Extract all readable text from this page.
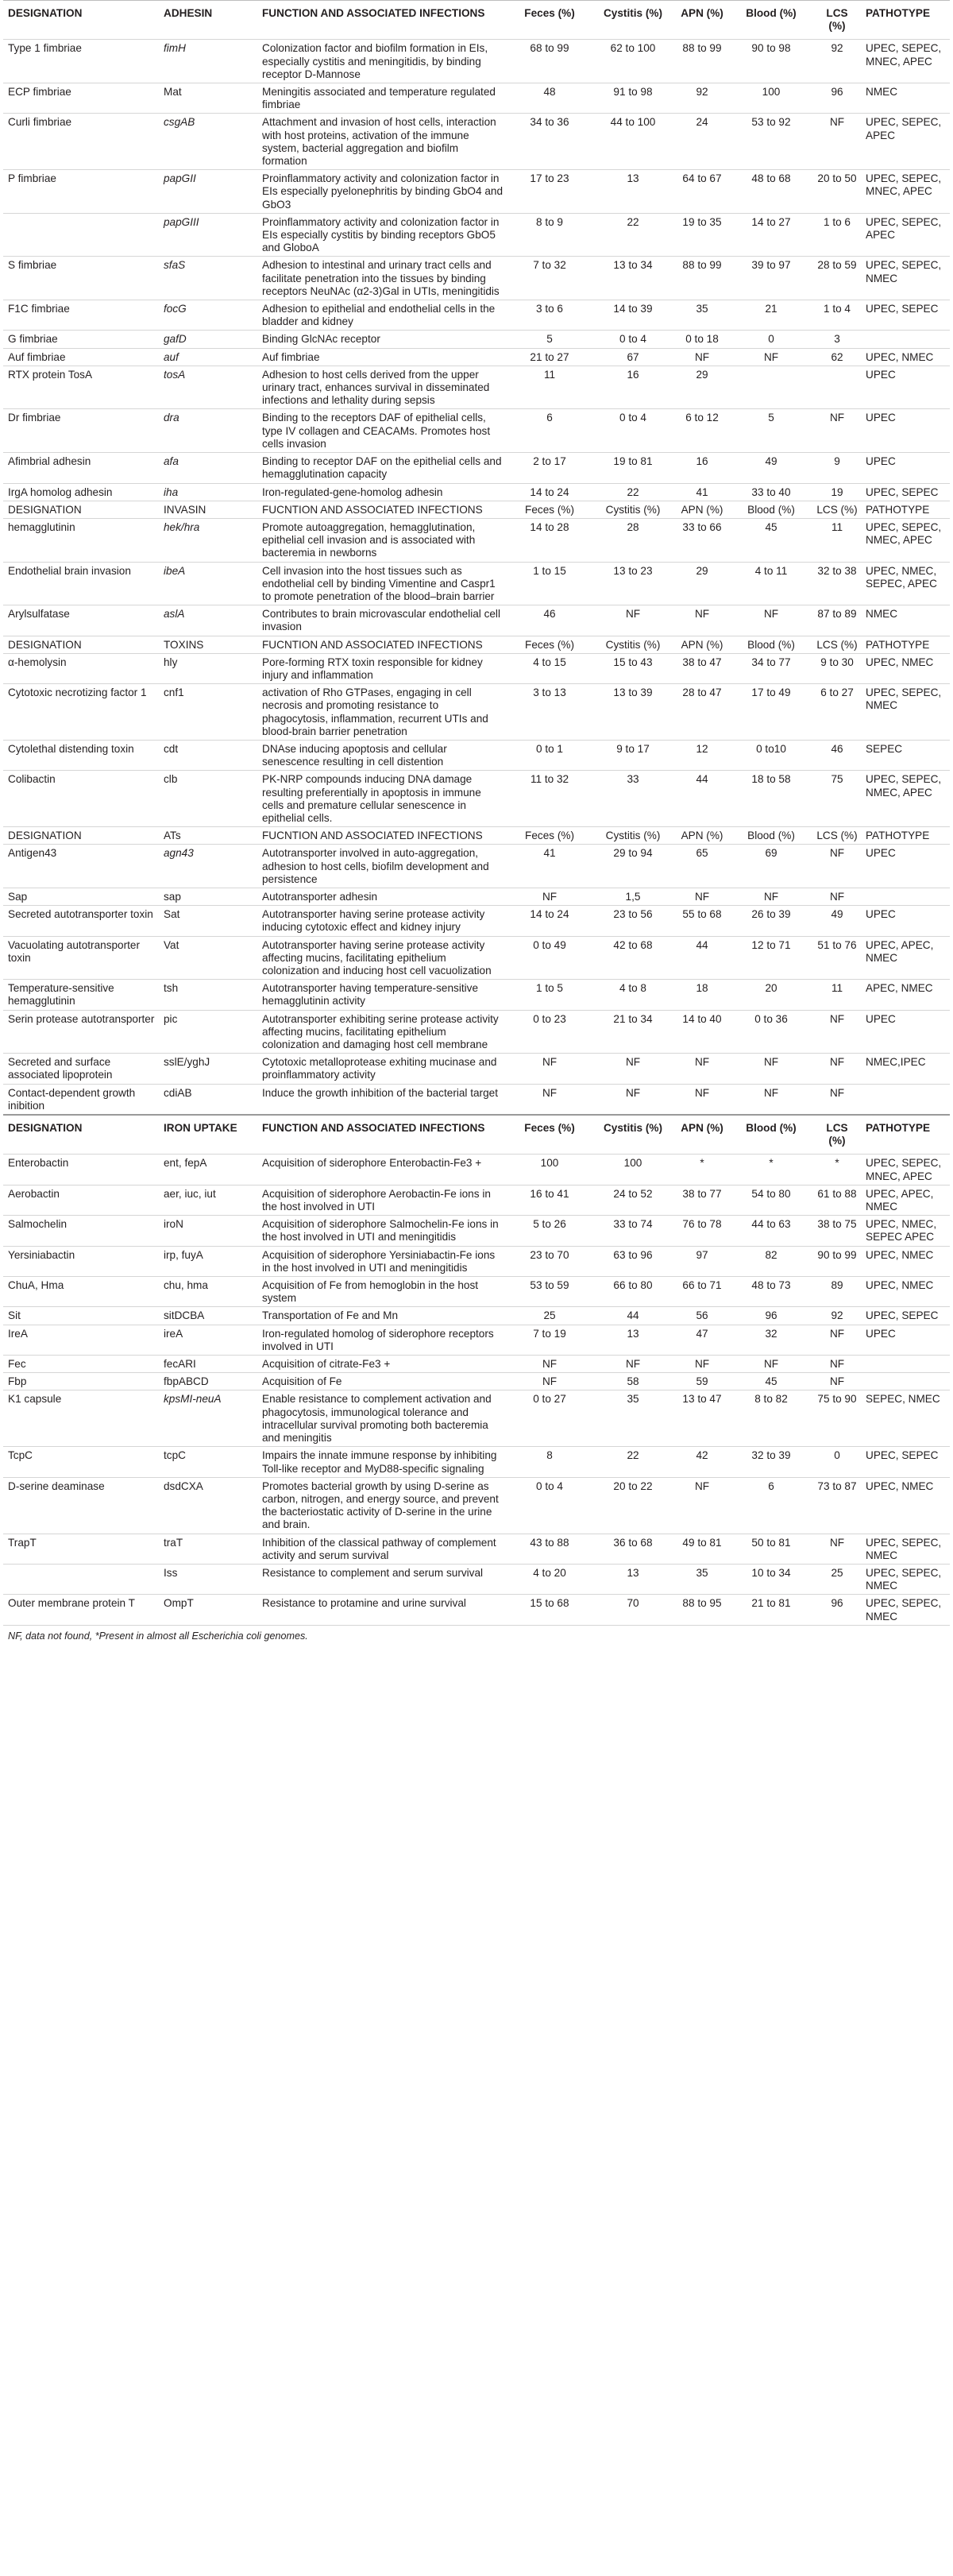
DESIGNATION	ADHESIN	FUNCTION AND ASSOCIATED INFECTIONS	Feces (%)	Cystitis (%)	APN (%)	Blood (%)	LCS (%)	PATHOTYPE
Type 1 fimbriae	fimH	Colonization factor and biofilm formation in EIs, especially cystitis and meningitidis, by binding receptor D-Mannose	68 to 99	62 to 100	88 to 99	90 to 98	92	UPEC, SEPEC, MNEC, APEC
ECP fimbriae	Mat	Meningitis associated and temperature regulated fimbriae	48	91 to 98	92	100	96	NMEC
Curli fimbriae	csgAB	Attachment and invasion of host cells, interaction with host proteins, activation of the immune system, bacterial aggregation and biofilm formation	34 to 36	44 to 100	24	53 to 92	NF	UPEC, SEPEC, APEC
P fimbriae	papGII	Proinflammatory activity and colonization factor in EIs especially pyelonephritis by binding GbO4 and GbO3	17 to 23	13	64 to 67	48 to 68	20 to 50	UPEC, SEPEC, MNEC, APEC
	papGIII	Proinflammatory activity and colonization factor in EIs especially cystitis by binding receptors GbO5 and GloboA	8 to 9	22	19 to 35	14 to 27	1 to 6	UPEC, SEPEC, APEC
S fimbriae	sfaS	Adhesion to intestinal and urinary tract cells and facilitate penetration into the tissues by binding receptors NeuNAc (α2-3)Gal in UTIs, meningitidis	7 to 32	13 to 34	88 to 99	39 to 97	28 to 59	UPEC, SEPEC, NMEC
F1C fimbriae	focG	Adhesion to epithelial and endothelial cells in the bladder and kidney	3 to 6	14 to 39	35	21	1 to 4	UPEC, SEPEC
G fimbriae	gafD	Binding GlcNAc receptor	5	0 to 4	0 to 18	0	3	
Auf fimbriae	auf	Auf fimbriae	21 to 27	67	NF	NF	62	UPEC, NMEC
RTX protein TosA	tosA	Adhesion to host cells derived from the upper urinary tract, enhances survival in disseminated infections and lethality during sepsis	11	16	29			UPEC
Dr fimbriae	dra	Binding to the receptors DAF of epithelial cells, type IV collagen and CEACAMs. Promotes host cells invasion	6	0 to 4	6 to 12	5	NF	UPEC
Afimbrial adhesin	afa	Binding to receptor DAF on the epithelial cells and hemagglutination capacity	2 to 17	19 to 81	16	49	9	UPEC
IrgA homolog adhesin	iha	Iron-regulated-gene-homolog adhesin	14 to 24	22	41	33 to 40	19	UPEC, SEPEC
DESIGNATION	INVASIN	FUCNTION AND ASSOCIATED INFECTIONS	Feces (%)	Cystitis (%)	APN (%)	Blood (%)	LCS (%)	PATHOTYPE
hemagglutinin	hek/hra	Promote autoaggregation, hemagglutination, epithelial cell invasion and is associated with bacteremia in newborns	14 to 28	28	33 to 66	45	11	UPEC, SEPEC, NMEC, APEC
Endothelial brain invasion	ibeA	Cell invasion into the host tissues such as endothelial cell by binding Vimentine and Caspr1 to promote penetration of the blood–brain barrier	1 to 15	13 to 23	29	4 to 11	32 to 38	UPEC, NMEC, SEPEC, APEC
Arylsulfatase	aslA	Contributes to brain microvascular endothelial cell invasion	46	NF	NF	NF	87 to 89	NMEC
DESIGNATION	TOXINS	FUCNTION AND ASSOCIATED INFECTIONS	Feces (%)	Cystitis (%)	APN (%)	Blood (%)	LCS (%)	PATHOTYPE
α-hemolysin	hly	Pore-forming RTX toxin responsible for kidney injury and inflammation	4 to 15	15 to 43	38 to 47	34 to 77	9 to 30	UPEC, NMEC
Cytotoxic necrotizing factor 1	cnf1	activation of Rho GTPases, engaging in cell necrosis and promoting resistance to phagocytosis, inflammation, recurrent UTIs and blood-brain barrier penetration	3 to 13	13 to 39	28 to 47	17 to 49	6 to 27	UPEC, SEPEC, NMEC
Cytolethal distending toxin	cdt	DNAse inducing apoptosis and cellular senescence resulting in cell distention	0 to 1	9 to 17	12	0 to10	46	SEPEC
Colibactin	clb	PK-NRP compounds inducing DNA damage resulting preferentially in apoptosis in immune cells and premature cellular senescence in epithelial cells.	11 to 32	33	44	18 to 58	75	UPEC, SEPEC, NMEC, APEC
DESIGNATION	ATs	FUCNTION AND ASSOCIATED INFECTIONS	Feces (%)	Cystitis (%)	APN (%)	Blood (%)	LCS (%)	PATHOTYPE
Antigen43	agn43	Autotransporter involved in auto-aggregation, adhesion to host cells, biofilm development and persistence	41	29 to 94	65	69	NF	UPEC
Sap	sap	Autotransporter adhesin	NF	1,5	NF	NF	NF	
Secreted autotransporter toxin	Sat	Autotransporter having serine protease activity inducing cytotoxic effect and kidney injury	14 to 24	23 to 56	55 to 68	26 to 39	49	UPEC
Vacuolating autotransporter toxin	Vat	Autotransporter having serine protease activity affecting mucins, facilitating epithelium colonization and inducing host cell vacuolization	0 to 49	42 to 68	44	12 to 71	51 to 76	UPEC, APEC, NMEC
Temperature-sensitive hemagglutinin	tsh	Autotransporter having temperature-sensitive hemagglutinin activity	1 to 5	4 to 8	18	20	11	APEC, NMEC
Serin protease autotransporter	pic	Autotransporter exhibiting serine protease activity affecting mucins, facilitating epithelium colonization and damaging host cell membrane	0 to 23	21 to 34	14 to 40	0 to 36	NF	UPEC
Secreted and surface associated lipoprotein	sslE/yghJ	Cytotoxic metalloprotease exhiting mucinase and proinflammatory activity	NF	NF	NF	NF	NF	NMEC,IPEC
Contact-dependent growth inibition	cdiAB	Induce the growth inhibition of the bacterial target	NF	NF	NF	NF	NF	
DESIGNATION	IRON UPTAKE	FUNCTION AND ASSOCIATED INFECTIONS	Feces (%)	Cystitis (%)	APN (%)	Blood (%)	LCS (%)	PATHOTYPE
Enterobactin	ent, fepA	Acquisition of siderophore Enterobactin-Fe3 +	100	100	*	*	*	UPEC, SEPEC, MNEC, APEC
Aerobactin	aer, iuc, iut	Acquisition of siderophore Aerobactin-Fe ions in the host involved in UTI	16 to 41	24 to 52	38 to 77	54 to 80	61 to 88	UPEC, APEC, NMEC
Salmochelin	iroN	Acquisition of siderophore Salmochelin-Fe ions in the host involved in UTI and meningitidis	5 to 26	33 to 74	76 to 78	44 to 63	38 to 75	UPEC, NMEC, SEPEC APEC
Yersiniabactin	irp, fuyA	Acquisition of siderophore Yersiniabactin-Fe ions in the host involved in UTI and meningitidis	23 to 70	63 to 96	97	82	90 to 99	UPEC, NMEC
ChuA, Hma	chu, hma	Acquisition of Fe from hemoglobin in the host system	53 to 59	66 to 80	66 to 71	48 to 73	89	UPEC, NMEC
Sit	sitDCBA	Transportation of Fe and Mn	25	44	56	96	92	UPEC, SEPEC
IreA	ireA	Iron-regulated homolog of siderophore receptors involved in UTI	7 to 19	13	47	32	NF	UPEC
Fec	fecARI	Acquisition of citrate-Fe3 +	NF	NF	NF	NF	NF	
Fbp	fbpABCD	Acquisition of Fe	NF	58	59	45	NF	
K1 capsule	kpsMI-neuA	Enable resistance to complement activation and phagocytosis, immunological tolerance and intracellular survival promoting both bacteremia and meningitis	0 to 27	35	13 to 47	8 to 82	75 to 90	SEPEC, NMEC
TcpC	tcpC	Impairs the innate immune response by inhibiting Toll-like receptor and MyD88-specific signaling	8	22	42	32 to 39	0	UPEC, SEPEC
D-serine deaminase	dsdCXA	Promotes bacterial growth by using D-serine as carbon, nitrogen, and energy source, and prevent the bacteriostatic activity of D-serine in the urine and brain.	0 to 4	20 to 22	NF	6	73 to 87	UPEC, NMEC
TrapT	traT	Inhibition of the classical pathway of complement activity and serum survival	43 to 88	36 to 68	49 to 81	50 to 81	NF	UPEC, SEPEC, NMEC
	Iss	Resistance to complement and serum survival	4 to 20	13	35	10 to 34	25	UPEC, SEPEC, NMEC
Outer membrane protein T	OmpT	Resistance to protamine and urine survival	15 to 68	70	88 to 95	21 to 81	96	UPEC, SEPEC, NMEC
NF, data not found, *Present in almost all Escherichia coli genomes.
